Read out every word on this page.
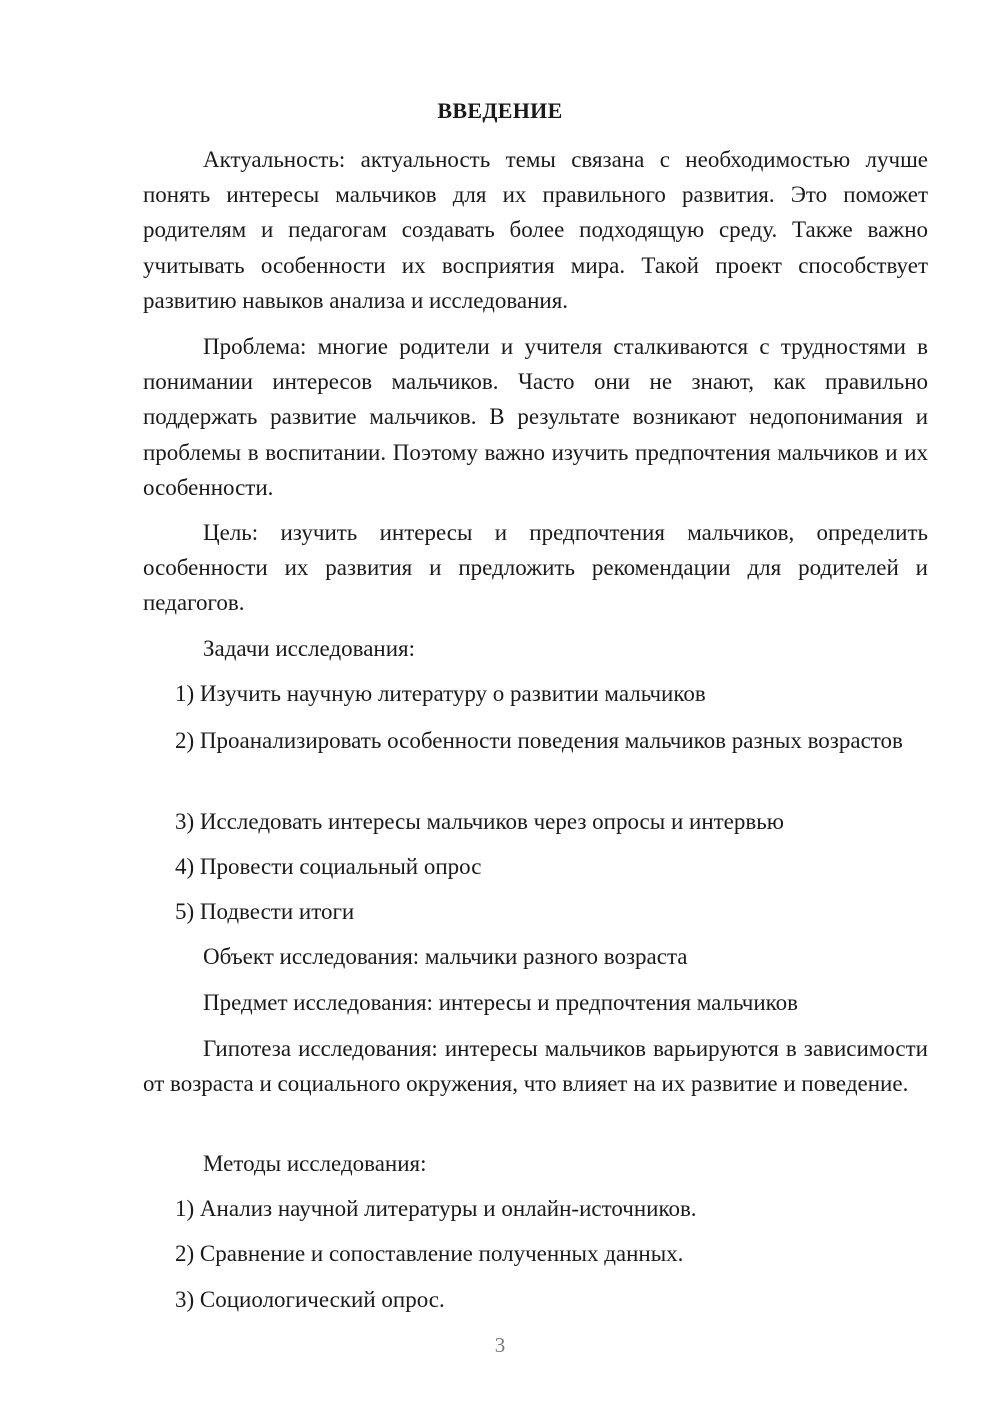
ВВЕДЕНИЕ

Актуальность: актуальность темы связана с необходимостью лучше понять интересы мальчиков для их правильного развития. Это поможет родителям и педагогам создавать более подходящую среду. Также важно учитывать особенности их восприятия мира. Такой проект способствует развитию навыков анализа и исследования.

Проблема: многие родители и учителя сталкиваются с трудностями в понимании интересов мальчиков. Часто они не знают, как правильно поддержать развитие мальчиков. В результате возникают недопонимания и проблемы в воспитании. Поэтому важно изучить предпочтения мальчиков и их особенности.

Цель: изучить интересы и предпочтения мальчиков, определить особенности их развития и предложить рекомендации для родителей и педагогов.

Задачи исследования:

1) Изучить научную литературу о развитии мальчиков

2) Проанализировать особенности поведения мальчиков разных возрастов

3) Исследовать интересы мальчиков через опросы и интервью

4) Провести социальный опрос

5) Подвести итоги

Объект исследования: мальчики разного возраста

Предмет исследования: интересы и предпочтения мальчиков

Гипотеза исследования: интересы мальчиков варьируются в зависимости от возраста и социального окружения, что влияет на их развитие и поведение.

Методы исследования:

1) Анализ научной литературы и онлайн-источников.

2) Сравнение и сопоставление полученных данных.

3) Социологический опрос.

3
